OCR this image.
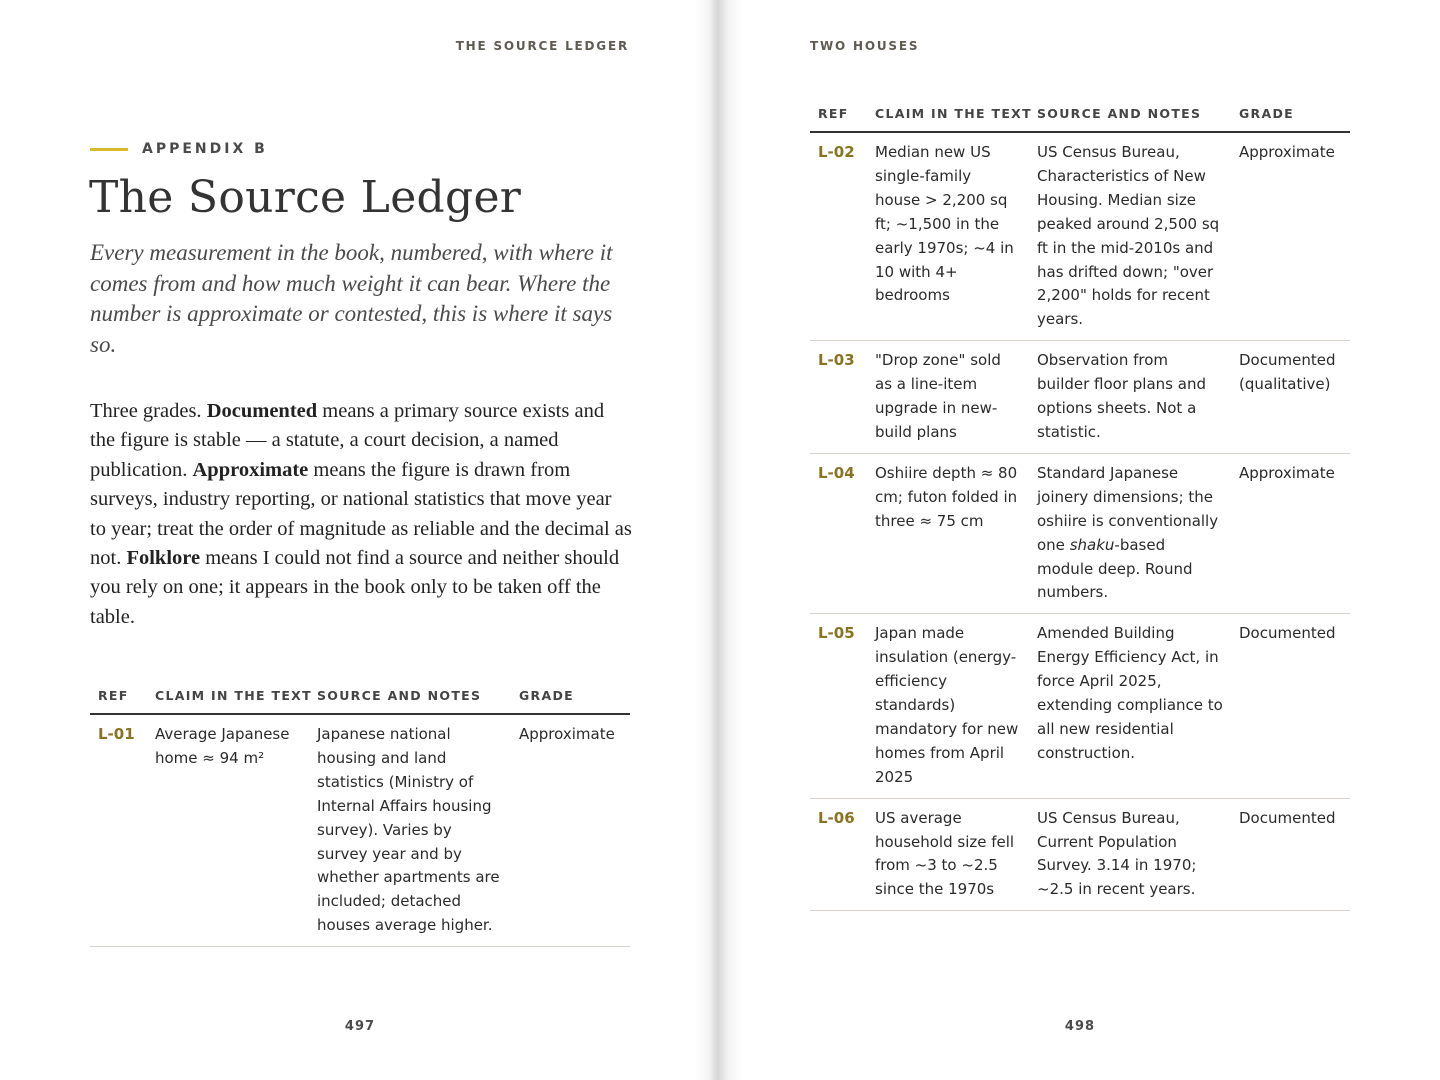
THE SOURCE LEDGER
APPENDIX B
The Source Ledger

Every measurement in the book, numbered, with where it comes from and how much weight it can bear. Where the number is approximate or contested, this is where it says so.

Three grades. Documented means a primary source exists and the figure is stable — a statute, a court decision, a named publication. Approximate means the figure is drawn from surveys, industry reporting, or national statistics that move year to year; treat the order of magnitude as reliable and the decimal as not. Folklore means I could not find a source and neither should you rely on one; it appears in the book only to be taken off the table.

REF	CLAIM IN THE TEXT	SOURCE AND NOTES	GRADE
L-01	Average Japanese home ≈ 94 m²	Japanese national housing and land statistics (Ministry of Internal Affairs housing survey). Varies by survey year and by whether apartments are included; detached houses average higher.	Approximate
497
TWO HOUSES
REF	CLAIM IN THE TEXT	SOURCE AND NOTES	GRADE
L-02	Median new US single-family house > 2,200 sq ft; ~1,500 in the early 1970s; ~4 in 10 with 4+ bedrooms	US Census Bureau, Characteristics of New Housing. Median size peaked around 2,500 sq ft in the mid-2010s and has drifted down; "over 2,200" holds for recent years.	Approximate
L-03	"Drop zone" sold as a line-item upgrade in new-build plans	Observation from builder floor plans and options sheets. Not a statistic.	Documented (qualitative)
L-04	Oshiire depth ≈ 80 cm; futon folded in three ≈ 75 cm	Standard Japanese joinery dimensions; the oshiire is conventionally one shaku-based module deep. Round numbers.	Approximate
L-05	Japan made insulation (energy-efficiency standards) mandatory for new homes from April 2025	Amended Building Energy Efficiency Act, in force April 2025, extending compliance to all new residential construction.	Documented
L-06	US average household size fell from ~3 to ~2.5 since the 1970s	US Census Bureau, Current Population Survey. 3.14 in 1970; ~2.5 in recent years.	Documented
498
